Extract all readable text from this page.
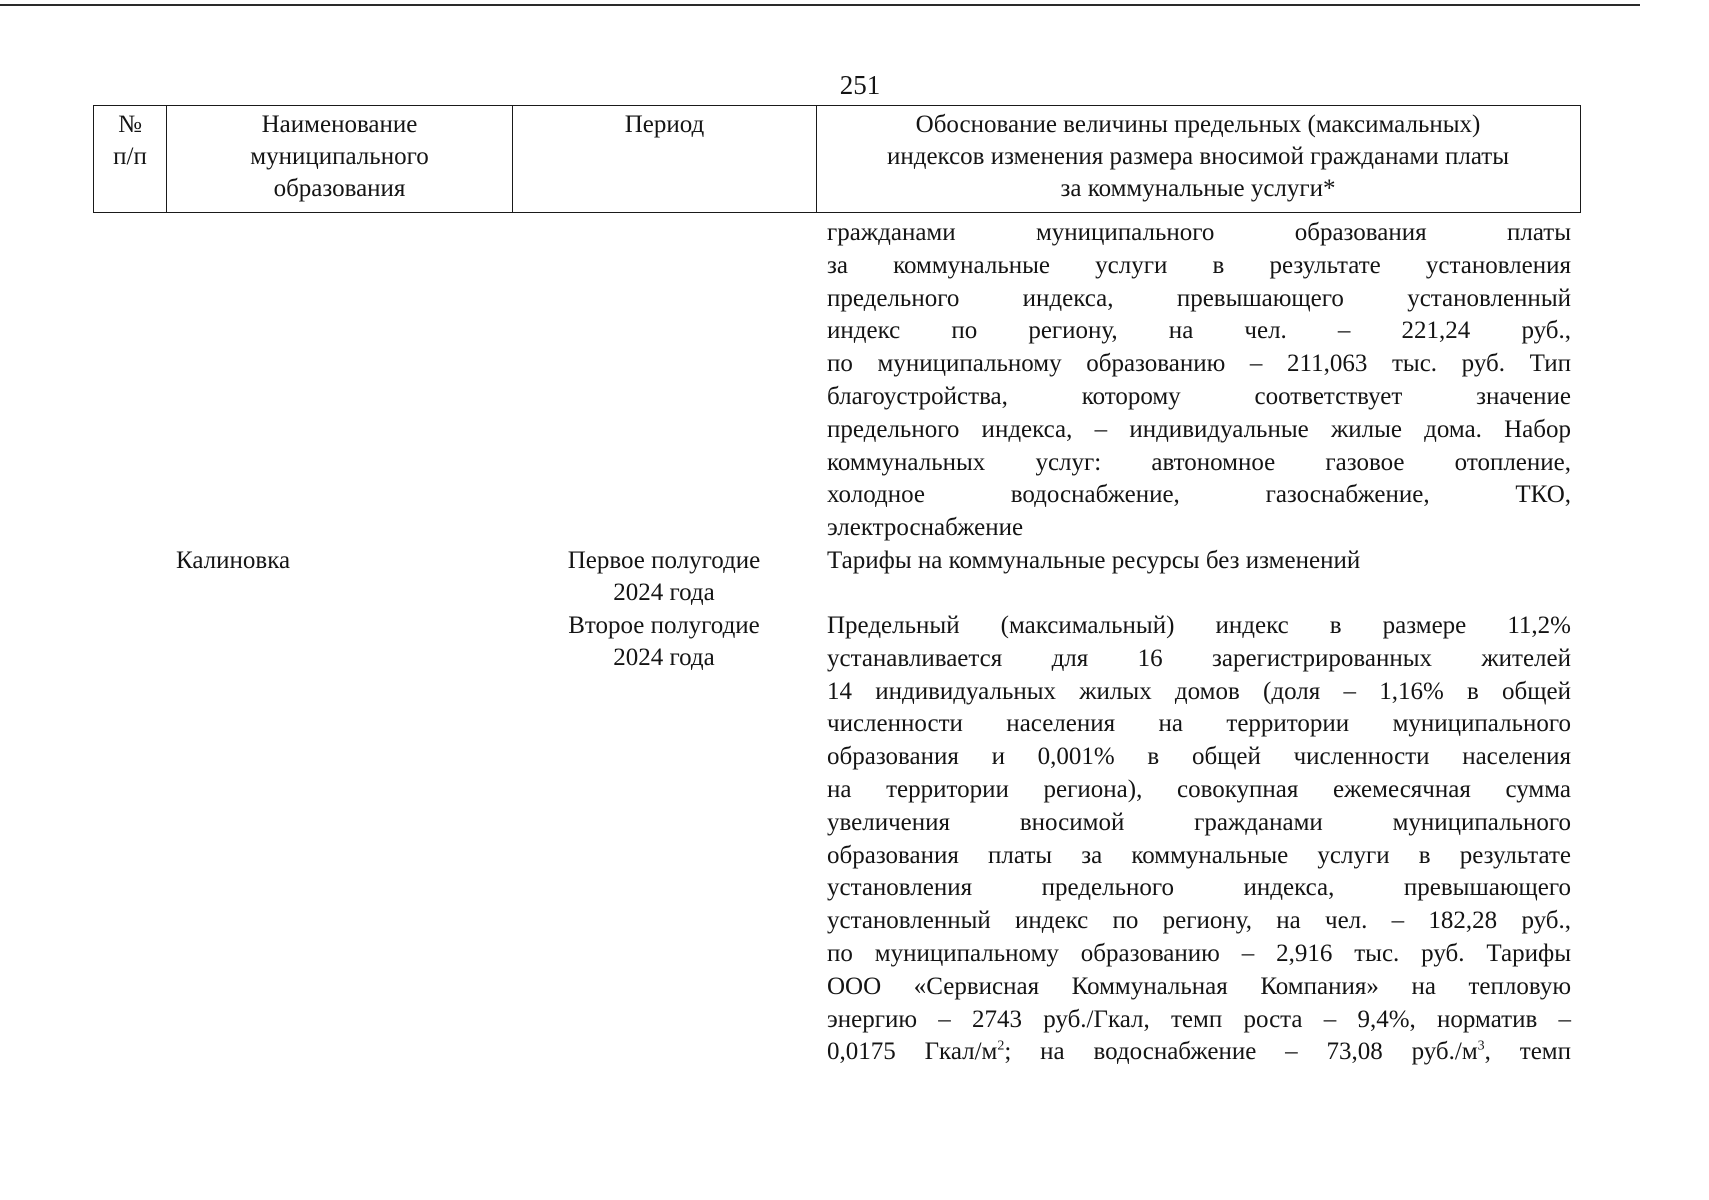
251
№
п/п
Наименование
муниципального
образования
Период	Обоснование величины предельных (максимальных)
индексов изменения размера вносимой гражданами платы
за коммунальные услуги*
гражданами муниципального образования платы
за коммунальные услуги в результате установления
предельного индекса, превышающего установленный
индекс по региону, на чел. – 221,24 руб.,
по муниципальному образованию – 211,063 тыс. руб. Тип
благоустройства, которому соответствует значение
предельного индекса, – индивидуальные жилые дома. Набор
коммунальных услуг: автономное газовое отопление,
холодное водоснабжение, газоснабжение, ТКО,
электроснабжение
Калиновка	Первое полугодие
2024 года
Тарифы на коммунальные ресурсы без изменений
Второе полугодие
2024 года
Предельный (максимальный) индекс в размере 11,2%
устанавливается для 16 зарегистрированных жителей
14 индивидуальных жилых домов (доля – 1,16% в общей
численности населения на территории муниципального
образования и 0,001% в общей численности населения
на территории региона), совокупная ежемесячная сумма
увеличения вносимой гражданами муниципального
образования платы за коммунальные услуги в результате
установления предельного индекса, превышающего
установленный индекс по региону, на чел. – 182,28 руб.,
по муниципальному образованию – 2,916 тыс. руб. Тарифы
ООО «Сервисная Коммунальная Компания» на тепловую
энергию – 2743 руб./Гкал, темп роста – 9,4%, норматив –
0,0175 Гкал/$м^2$; на водоснабжение – 73,08 $руб./м^3$, темп
